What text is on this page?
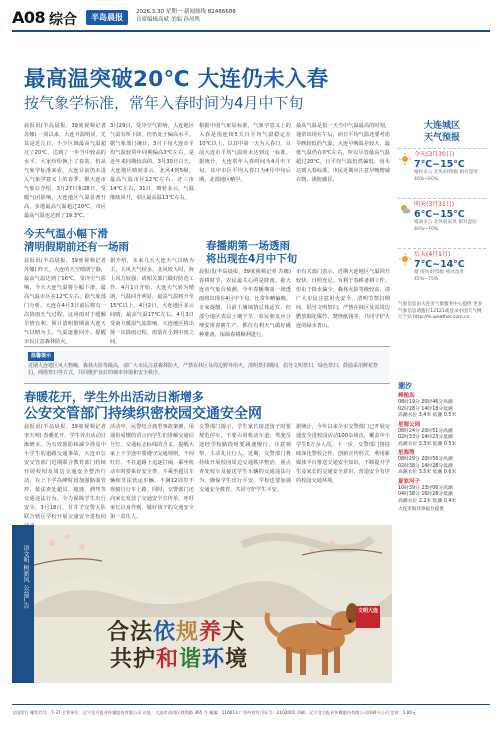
A08 综合	半岛晨报
2026.3.30 星期一 新闻热线 82486688
首席编辑高斌 美编 孙凤鸣
最高温突破20℃ 大连仍未入春
按气象学标准，常年入春时间为4月中下旬
晨报讯(半岛晨报、39度视频记者 苏娜) 一周以来，大连升温明显，尤其是近几日，不少区域最高气温超过了20℃，达到了一年当中较高的水平，大家纷纷换上了春装。但从气象学标准来看，大连目前仍未进入气象学意义上的春季。据大连市气象台介绍，3月27日和28日，受暖气团影响，大连地区气温显著升高，多地最高气温超过20℃，市区最高气温也达到了19.3℃。
3月29日，受冷空气影响，大连地区气温有所下降，但仍处于偏高水平。据气象部门统计，3月下旬大连市平均气温较常年同期偏高3℃左右，是近年来同期较高的。3月30日白天，大连地区晴间多云，北风4到5级，最高气温市区12℃左右，北三市14℃左右。31日，晴转多云，气温继续回升，市区最高温13℃左右。
根据中国气象局标准，气象学意义上的入春是指连续5天日平均气温稳定在10℃以上，以其中第一天为入春日。目前大连市平均气温尚未达到这一标准。据统计，大连常年入春时间为4月中下旬，其中市区平均入春日为4月中旬后期，北部地区略早。
最高气温是指一天当中气温最高的时刻，通常出现在午后，而日平均气温还要考虑早晚较低的气温。大连早晚温差较大，最低气温仍在0℃左右，所以尽管最高气温超过20℃，日平均气温仍然偏低，尚未达到入春标准。市民近期应注意早晚增减衣物，谨防感冒。
今天气温小幅下滑
清明假期前还有一场雨
晨报讯(半岛晨报、39度视频记者 苏娜) 昨天，大连的天空晴朗宁静，最高气温达到了16℃。受冷空气影响，今天大连气温将小幅下滑，最高气温市区在12℃左右。据气象部门分析，大连在4月3日前后将有一次降雨天气过程，这场雨对于缓解旱情有利。预计清明假期前大连天气以晴为主，气温逐渐回升。提醒市民注意森林防火。
据介绍，未来几天大连天气以晴为主，大风天气较多。北风较大时，海上风力较强，请相关部门做好防范工作。4月1日开始，大连天气转为晴朗，气温回升明显，最高气温将升至15℃以上。4月2日，大连地区多云间晴，最高气温17℃左右。4月3日受南方暖湿气流影响，大连地区将出现一次降雨过程，雨量在小到中雨之间。
春播期第一场透雨
将出现在4月中下旬
晨报讯(半岛晨报、39度视频记者 苏娜) 春耕时节，农民最关心的是降雨。据大连市气象台预测，今年春播期第一场透雨将出现在4月中下旬，比常年略偏晚。专家提醒，目前土壤墒情总体适宜，但部分地区表层土壤干旱，农民朋友应合理安排春耕生产，抓住有利天气做好播种准备，保障春耕顺利进行。
市有关部门表示，近期大连地区气温回升较快，日照充足，有利于春耕备耕工作。但由于降水偏少，森林火险等级较高，请广大市民注意用火安全。清明节祭扫期间，倡导文明祭扫，严禁在林区及其周边燃放烟花爆竹、焚烧纸钱等，共同守护大连的绿水青山。
大连城区
天气预报
今天(3月30日)
7℃~15℃
晴转多云 北风4到5级 相对湿度：40%~60%
明天(3月31日)
6℃~15℃
晴间多云 北风转南风 相对湿度：40%~70%
后天(4月1日)
7℃~14℃
晴 南风4到5级 相对湿度：45%~75%
气象信息由大连市气象服务中心提供 更多气象信息请拨打12121或登录中国天气网辽宁站 http://ln.weather.com.cn
潮汐
棒槌岛
08时19分 20时46分高潮
02时28分 14时18分低潮
高潮水位 3.4米 低潮 0.5米
星海公园
08时24分 20时51分高潮
02时33分 14时23分低潮
高潮水位 3.3米 低潮 0.5米
星海湾
08时29分 20时56分高潮
02时38分 14时28分低潮
高潮水位 3.5米 低潮 0.6米
夏家河子
10时39分 23时06分高潮
04时38分 16时28分低潮
高潮水位 2.2米 低潮 0.4米
大连市海洋预报台提供
温馨提示
近期大连地区风大物燥，森林火险等级高，请广大市民注意森林防火，严禁在林区及周边野外用火。清明祭扫期间，倡导文明祭扫、绿色祭扫，鼓励采用鲜花祭扫、网络祭扫等方式，共同维护良好的城市环境和安全秩序。
春暖花开，学生外出活动日渐增多
公安交管部门持续织密校园交通安全网
晨报讯(半岛晨报、39度视频记者 李天明) 春暖花开，学生外出活动日渐增多。为有效预防和减少涉及中小学生的道路交通事故，大连市公安交管部门近期联合教育部门持续开展校园及周边交通安全整治行动，在上下学高峰时段加强路面管控，依法查处超员、超速、酒驾等交通违法行为，全力保障学生出行安全。3月18日，甘井子交警大队联合辖区学校开展交通安全进校园
活动中，民警结合典型事故案例，用通俗易懂的语言向学生们讲解交通信号灯、交通标志标线的含义，提醒大家上下学途中要遵守交通规则，不闯红灯、不在道路上追逐打闹，乘坐机动车时要系好安全带，不乘坐超员车辆和非法营运车辆，不满12周岁不得骑自行车上路。同时，交警部门还向家长发放了交通安全宣传单，呼吁家长以身作则，做好孩子的交通安全第一责任人。
交警部门提示，学生家长接送孩子时要规范停车，不要占用机动车道；驾驶员途经学校路段时要减速慢行，注意观察，主动礼让行人。近期，交警部门将持续开展校园周边交通秩序整治，重点查处校车及接送学生车辆的交通违法行为，确保学生出行平安。学校也要加强交通安全教育，共同守护学生平安。
据统计，今年以来全市交警部门已开展交通安全进校园活动100余场次，覆盖中小学生5万余人次。下一步，交警部门将持续深化警校合作，创新宣传形式，利用新媒体平台推送交通安全知识，不断提升学生及家长的交通安全意识，营造安全有序的校园交通环境。
讲文明 树新风 公益广告
合法依规养犬
共护和谐环境
文明大连
全国发行 邮发代号：7-37 主管单位：辽宁北方报业传媒股份有限公司 社址：大连市西岗区胜利路 365 号 邮编：116013 广告经营许可证号：2102001 印刷：辽宁北方报业传媒股份有限公司印刷分公司 定价：1.00元
